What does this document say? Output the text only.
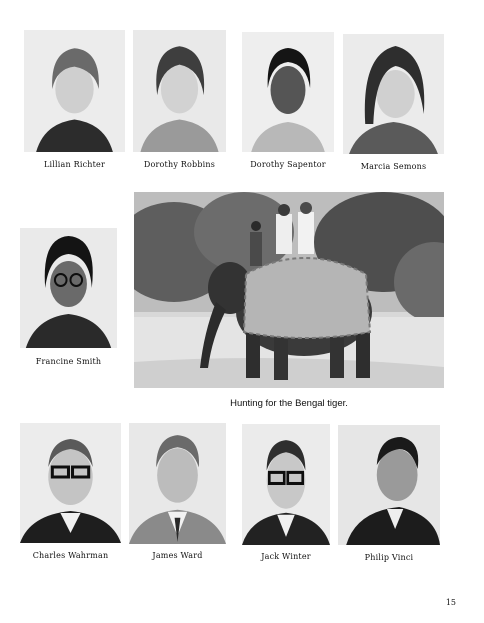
Lillian Richter	Dorothy Robbins	Dorothy Sapentor	Marcia Semons
Francine Smith
Hunting for the Bengal tiger.
Charles Wahrman	James Ward	Jack Winter	Philip Vinci
15
